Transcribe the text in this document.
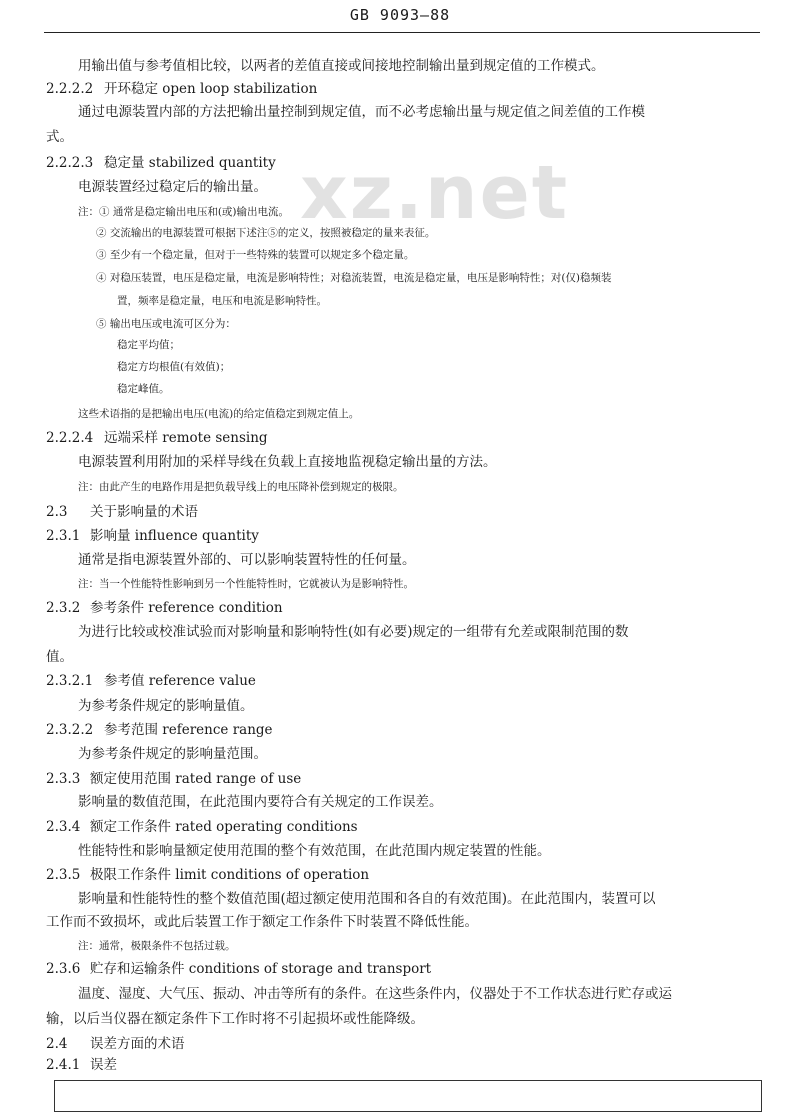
GB 9093—88
xz.net
用输出值与参考值相比较，以两者的差值直接或间接地控制输出量到规定值的工作模式。
2.2.2.2 开环稳定 open loop stabilization
通过电源装置内部的方法把输出量控制到规定值，而不必考虑输出量与规定值之间差值的工作模
式。
2.2.2.3 稳定量 stabilized quantity
电源装置经过稳定后的输出量。
注：① 通常是稳定输出电压和(或)输出电流。
② 交流输出的电源装置可根据下述注⑤的定义，按照被稳定的量来表征。
③ 至少有一个稳定量，但对于一些特殊的装置可以规定多个稳定量。
④ 对稳压装置，电压是稳定量，电流是影响特性；对稳流装置，电流是稳定量，电压是影响特性；对(仅)稳频装
置，频率是稳定量，电压和电流是影响特性。
⑤ 输出电压或电流可区分为：
稳定平均值；
稳定方均根值(有效值)；
稳定峰值。
这些术语指的是把输出电压(电流)的给定值稳定到规定值上。
2.2.2.4 远端采样 remote sensing
电源装置利用附加的采样导线在负载上直接地监视稳定输出量的方法。
注：由此产生的电路作用是把负载导线上的电压降补偿到规定的极限。
2.3 关于影响量的术语
2.3.1 影响量 influence quantity
通常是指电源装置外部的、可以影响装置特性的任何量。
注：当一个性能特性影响到另一个性能特性时，它就被认为是影响特性。
2.3.2 参考条件 reference condition
为进行比较或校准试验而对影响量和影响特性(如有必要)规定的一组带有允差或限制范围的数
值。
2.3.2.1 参考值 reference value
为参考条件规定的影响量值。
2.3.2.2 参考范围 reference range
为参考条件规定的影响量范围。
2.3.3 额定使用范围 rated range of use
影响量的数值范围，在此范围内要符合有关规定的工作误差。
2.3.4 额定工作条件 rated operating conditions
性能特性和影响量额定使用范围的整个有效范围，在此范围内规定装置的性能。
2.3.5 极限工作条件 limit conditions of operation
影响量和性能特性的整个数值范围(超过额定使用范围和各自的有效范围)。在此范围内，装置可以
工作而不致损坏，或此后装置工作于额定工作条件下时装置不降低性能。
注：通常，极限条件不包括过载。
2.3.6 贮存和运输条件 conditions of storage and transport
温度、湿度、大气压、振动、冲击等所有的条件。在这些条件内，仪器处于不工作状态进行贮存或运
输，以后当仪器在额定条件下工作时将不引起损坏或性能降级。
2.4 误差方面的术语
2.4.1 误差
